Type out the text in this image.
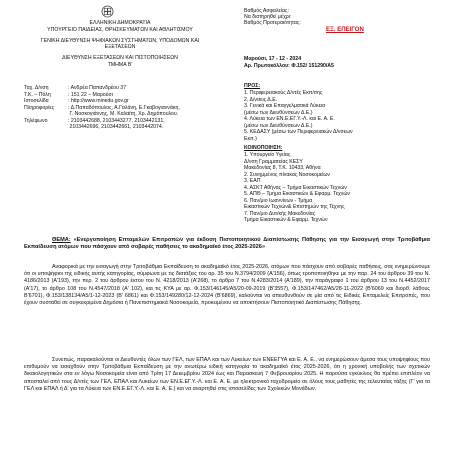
ΕΛΛΗΝΙΚΗ ΔΗΜΟΚΡΑΤΙΑ
ΥΠΟΥΡΓΕΙΟ ΠΑΙΔΕΙΑΣ, ΘΡΗΣΚΕΥΜΑΤΩΝ ΚΑΙ ΑΘΛΗΤΙΣΜΟΥ
ΓΕΝΙΚΗ ΔΙΕΥΘΥΝΣΗ ΨΗΦΙΑΚΩΝ ΣΥΣΤΗΜΑΤΩΝ, ΥΠΟΔΟΜΩΝ ΚΑΙ
ΕΞΕΤΑΣΕΩΝ
ΔΙΕΥΘΥΝΣΗ ΕΞΕΤΑΣΕΩΝ ΚΑΙ ΠΙΣΤΟΠΟΙΗΣΕΩΝ
ΤΜΗΜΑ Β'
Βαθμός Ασφαλείας:
Να διατηρηθεί μέχρι:
Βαθμός Προτεραιότητας:
ΕΞ. ΕΠΕΙΓΟΝ
Ταχ. Δ/νση	: Ανδρέα Παπανδρέου 37
Τ.Κ. – Πόλη	: 151 22 – Μαρούσι
Ιστοσελίδα	: http://www.minedu.gov.gr
Πληροφορίες	: Δ.Παπαδόπουλος, Α.Γαλάνη, Ε.Γκαβογιαννάκη,
Γ. Νοσκογιάννης, Μ. Καλαϊτη, Χρ. Δημόπουλου.
Τηλέφωνο	: 2103442688, 2103443277, 2103442131,
2103442696, 2103442661, 2103442074.
Μαρούσι, 17 - 12 - 2024
Αρ. Πρωτοκόλλου: Φ.152/ 151290/Α5
ΠΡΟΣ:
1. Περιφερειακούς Δ/ντές Εκπ/σης
2. Δ/νσεις Δ.Ε.
3. Γενικά και Επαγγελματικά Λύκεια
(μέσω των Διευθύνσεων Δ.Ε.)
4. Λύκεια των ΕΝ.Ε.ΕΓ.Υ.-Λ. και Ε. Α. Ε.
(μέσω των Διευθύνσεων Δ.Ε.)
5. ΚΕΔΑΣΥ (μέσω των Περιφερειακών Δ/νσεων
Εκπ.)
ΚΟΙΝΟΠΟΙΗΣΗ:
1. Υπουργείο Υγείας
Δ/νση Γραμματείας ΚΕΣΥ
Μακεδονίας 8, Τ.Κ. 10433, Αθήνα
2. Συνημμένος πίνακας Νοσοκομείων
3. ΕΑΠ
4. ΑΣΚΤ Αθήνας – Τμήμα Εικαστικών Τεχνών
5. ΑΠΘ – Τμήμα Εικαστικών & Εφαρμ. Τεχνών
6. Παν/μιο Ιωαννίνων - Τμήμα
Εικαστικών Τεχνών& Επιστημών της Τέχνης
7. Παν/μιο Δυτ/κής Μακεδονίας
Τμήμα Εικαστικών & Εφαρμ. Τεχνών
ΘΕΜΑ: «Ενεργοποίηση Επταμελών Επιτροπών για έκδοση Πιστοποιητικού Διαπίστωσης Πάθησης για την Εισαγωγή στην Τριτοβάθμια Εκπαίδευση ατόμων που πάσχουν από σοβαρές παθήσεις το ακαδημαϊκό έτος 2025-2026»
Αναφορικά με την εισαγωγή στην Τριτοβάθμια Εκπαίδευση το ακαδημαϊκό έτος 2025-2026, ατόμων που πάσχουν από σοβαρές παθήσεις, σας ενημερώνουμε ότι οι υποψήφιοι της ειδικής αυτής κατηγορίας, σύμφωνα με τις διατάξεις του αρ. 35 του Ν.3794/2009 (Α'156), όπως τροποποιήθηκε με την παρ. 24 του άρθρου 39 του Ν. 4186/2013 (Α'193), την περ. 2 του άρθρου έκτου του Ν. 4218/2013 (Α'268), το άρθρο 7 του Ν.4283/2014 (Α'189), την παράγραφο 1 του άρθρου 13 του Ν.4452/2017 (Α'17), το άρθρο 108 του Ν.4547/2018 (Α' 102), και τις ΚΥΑ με αρ. Φ.153/146145/Α5/20-09-2019 (Β'3557), Φ.153/147462/Α5/28-11-2022 (Β'6069 και διορθ. λάθους Β'6701), Φ.153/138134/Α5/1-12-2023 (Β' 6861) και Φ.153/149280/12-12-2024 (Β'6869), καλούνται να απευθυνθούν σε μία από τις Ειδικές Επταμελείς Επιτροπές, που έχουν συσταθεί σε συγκεκριμένα Δημόσια ή Πανεπιστημιακά Νοσοκομεία, προκειμένου να αποκτήσουν Πιστοποιητικό Διαπίστωσης Πάθησης.
Συνεπώς, παρακαλούνται οι Διευθυντές όλων των ΓΕΛ, των ΕΠΑΛ και των Λυκείων των ΕΝΕΕΓΥΑ και Ε. Α. Ε., να ενημερώσουν άμεσα τους υποψηφίους που επιθυμούν να εισαχθούν στην Τριτοβάθμια Εκπαίδευση με την ανωτέρω ειδική κατηγορία το ακαδημαϊκό έτος 2025-2026, ότι η χρονική υποβολής των σχετικών δικαιολογητικών στα εν λόγω Νοσοκομεία είναι από Τρίτη 17 Δεκεμβρίου 2024 έως και Παρασκευή 7 Φεβρουαρίου 2025. Η παρούσα εγκύκλιος θα πρέπει επιπλέον να αποσταλεί από τους Δ/ντές των ΓΕΛ, ΕΠΑΛ και Λυκείων των ΕΝ.Ε.ΕΓ.Υ.-Λ. και Ε. Α. Ε. με ηλεκτρονικό ταχυδρομείο σε όλους τους μαθητές της τελευταίας τάξης (Γ' για τα ΓΕΛ και ΕΠΑΛ ή Δ' για τα Λύκεια των ΕΝ.Ε.ΕΓ.Υ.-Λ. και Ε. Α. Ε.) και να αναρτηθεί στις ιστοσελίδες των Σχολικών Μονάδων.
